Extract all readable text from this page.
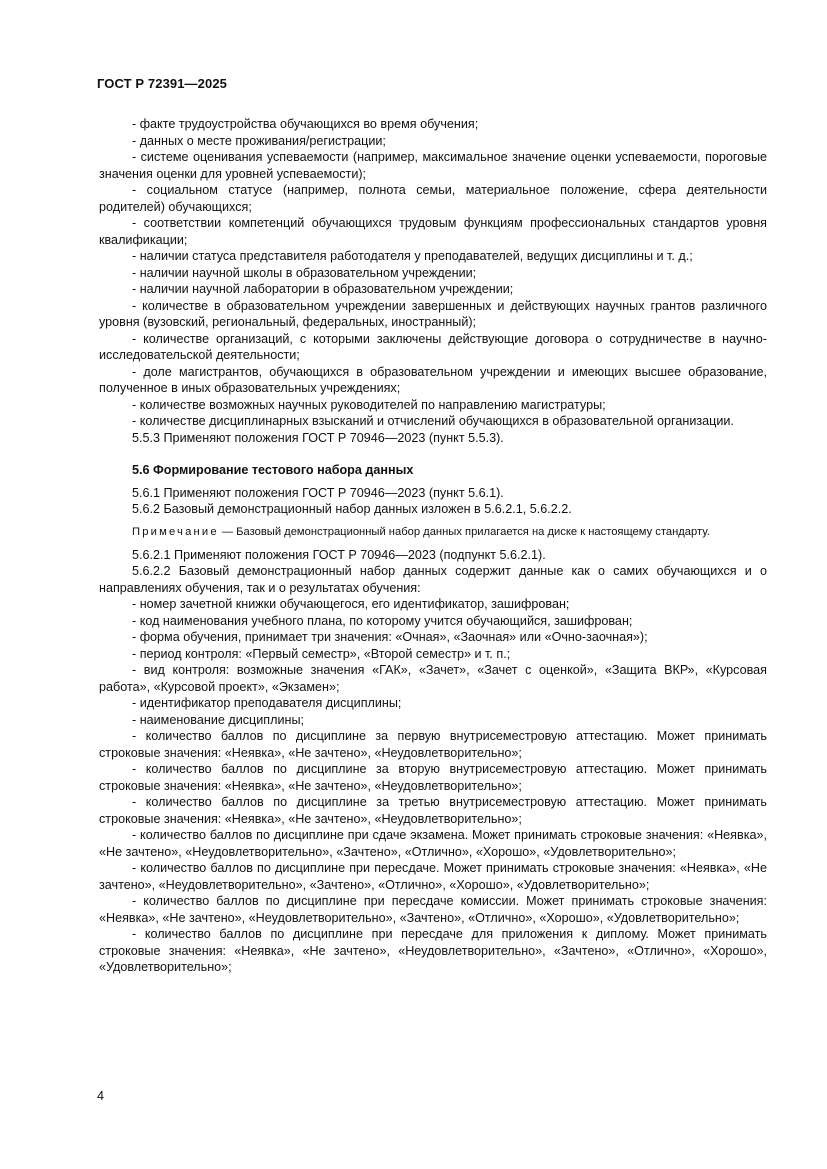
ГОСТ Р 72391—2025

- факте трудоустройства обучающихся во время обучения;

- данных о месте проживания/регистрации;

- системе оценивания успеваемости (например, максимальное значение оценки успеваемости, пороговые значения оценки для уровней успеваемости);

- социальном статусе (например, полнота семьи, материальное положение, сфера деятельности родителей) обучающихся;

- соответствии компетенций обучающихся трудовым функциям профессиональных стандартов уровня квалификации;

- наличии статуса представителя работодателя у преподавателей, ведущих дисциплины и т. д.;

- наличии научной школы в образовательном учреждении;

- наличии научной лаборатории в образовательном учреждении;

- количестве в образовательном учреждении завершенных и действующих научных грантов различного уровня (вузовский, региональный, федеральных, иностранный);

- количестве организаций, с которыми заключены действующие договора о сотрудничестве в научно-исследовательской деятельности;

- доле магистрантов, обучающихся в образовательном учреждении и имеющих высшее образование, полученное в иных образовательных учреждениях;

- количестве возможных научных руководителей по направлению магистратуры;

- количестве дисциплинарных взысканий и отчислений обучающихся в образовательной организации.

5.5.3 Применяют положения ГОСТ Р 70946—2023 (пункт 5.5.3).

5.6 Формирование тестового набора данных

5.6.1 Применяют положения ГОСТ Р 70946—2023 (пункт 5.6.1).

5.6.2 Базовый демонстрационный набор данных изложен в 5.6.2.1, 5.6.2.2.

Примечание — Базовый демонстрационный набор данных прилагается на диске к настоящему стандарту.

5.6.2.1 Применяют положения ГОСТ Р 70946—2023 (подпункт 5.6.2.1).

5.6.2.2 Базовый демонстрационный набор данных содержит данные как о самих обучающихся и о направлениях обучения, так и о результатах обучения:

- номер зачетной книжки обучающегося, его идентификатор, зашифрован;

- код наименования учебного плана, по которому учится обучающийся, зашифрован;

- форма обучения, принимает три значения: «Очная», «Заочная» или «Очно-заочная»);

- период контроля: «Первый семестр», «Второй семестр» и т. п.;

- вид контроля: возможные значения «ГАК», «Зачет», «Зачет с оценкой», «Защита ВКР», «Курсовая работа», «Курсовой проект», «Экзамен»;

- идентификатор преподавателя дисциплины;

- наименование дисциплины;

- количество баллов по дисциплине за первую внутрисеместровую аттестацию. Может принимать строковые значения: «Неявка», «Не зачтено», «Неудовлетворительно»;

- количество баллов по дисциплине за вторую внутрисеместровую аттестацию. Может принимать строковые значения: «Неявка», «Не зачтено», «Неудовлетворительно»;

- количество баллов по дисциплине за третью внутрисеместровую аттестацию. Может принимать строковые значения: «Неявка», «Не зачтено», «Неудовлетворительно»;

- количество баллов по дисциплине при сдаче экзамена. Может принимать строковые значения: «Неявка», «Не зачтено», «Неудовлетворительно», «Зачтено», «Отлично», «Хорошо», «Удовлетворительно»;

- количество баллов по дисциплине при пересдаче. Может принимать строковые значения: «Неявка», «Не зачтено», «Неудовлетворительно», «Зачтено», «Отлично», «Хорошо», «Удовлетворительно»;

- количество баллов по дисциплине при пересдаче комиссии. Может принимать строковые значения: «Неявка», «Не зачтено», «Неудовлетворительно», «Зачтено», «Отлично», «Хорошо», «Удовлетворительно»;

- количество баллов по дисциплине при пересдаче для приложения к диплому. Может принимать строковые значения: «Неявка», «Не зачтено», «Неудовлетворительно», «Зачтено», «Отлично», «Хорошо», «Удовлетворительно»;

4
